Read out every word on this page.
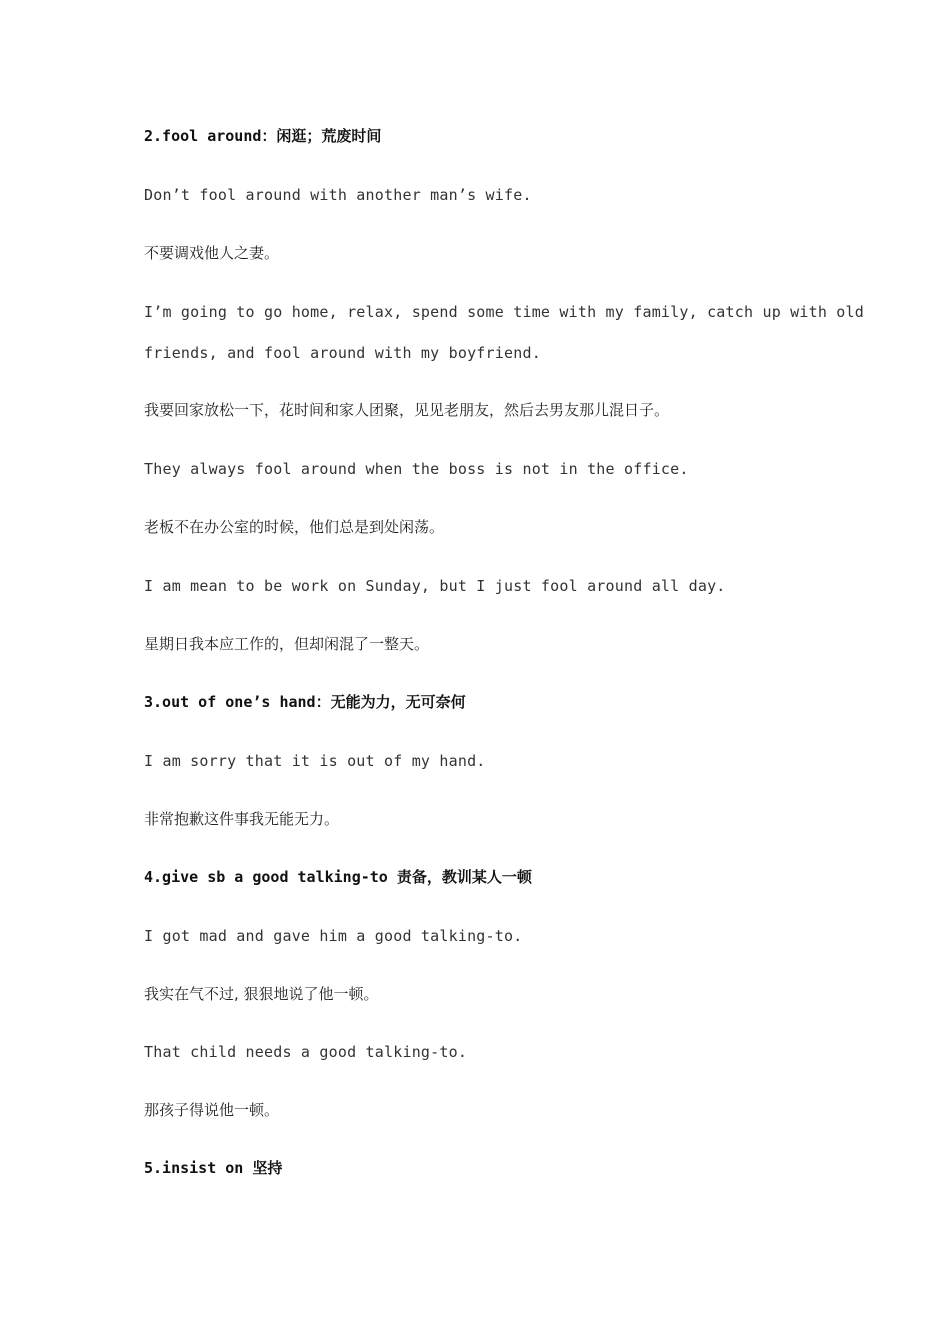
2.fool around：闲逛；荒废时间
Don’t fool around with another man’s wife.
不要调戏他人之妻。
I’m going to go home, relax, spend some time with my family, catch up with old
friends, and fool around with my boyfriend.
我要回家放松一下，花时间和家人团聚，见见老朋友，然后去男友那儿混日子。
They always fool around when the boss is not in the office.
老板不在办公室的时候，他们总是到处闲荡。
I am mean to be work on Sunday, but I just fool around all day.
星期日我本应工作的，但却闲混了一整天。
3.out of one’s hand：无能为力，无可奈何
I am sorry that it is out of my hand.
非常抱歉这件事我无能无力。
4.give sb a good talking-to 责备，教训某人一顿
I got mad and gave him a good talking-to.
我实在气不过, 狠狠地说了他一顿。
That child needs a good talking-to.
那孩子得说他一顿。
5.insist on 坚持
